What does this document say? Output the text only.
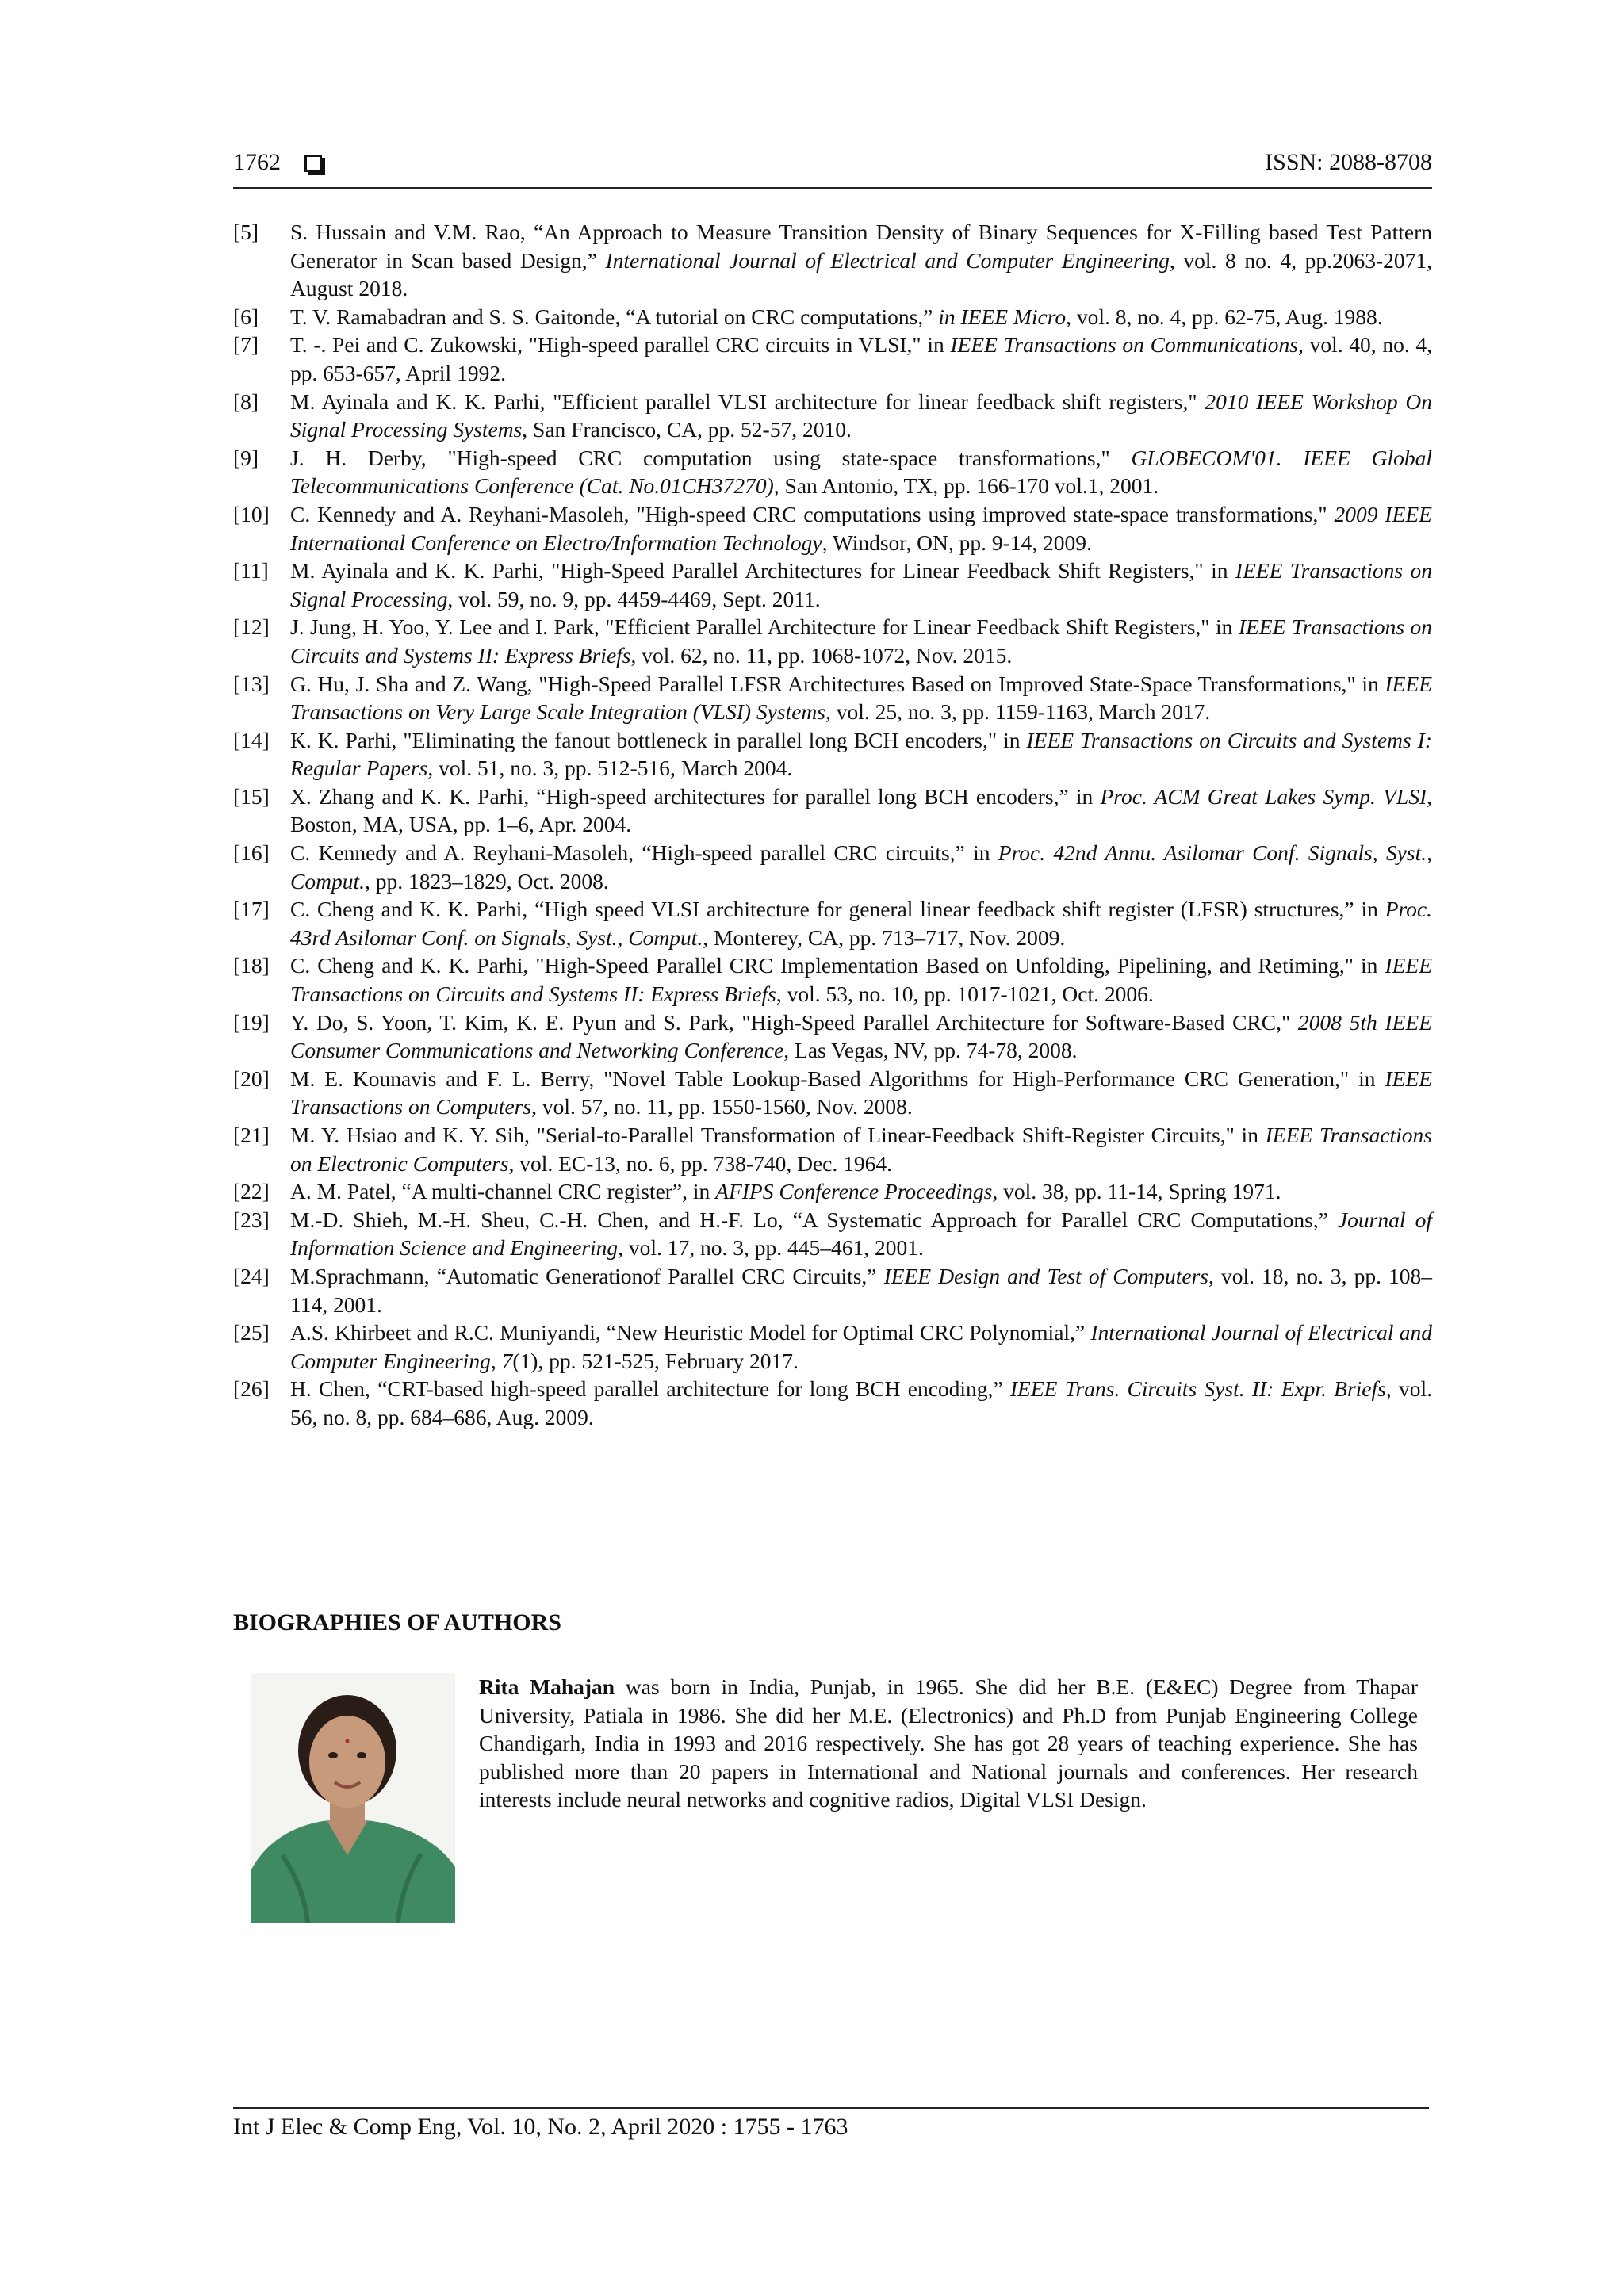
1762	ISSN: 2088-8708
[5]	S. Hussain and V.M. Rao, “An Approach to Measure Transition Density of Binary Sequences for X-Filling based Test Pattern Generator in Scan based Design,” International Journal of Electrical and Computer Engineering, vol. 8 no. 4, pp.2063-2071, August 2018.
[6]	T. V. Ramabadran and S. S. Gaitonde, “A tutorial on CRC computations,” in IEEE Micro, vol. 8, no. 4, pp. 62-75, Aug. 1988.
[7]	T. -. Pei and C. Zukowski, "High-speed parallel CRC circuits in VLSI," in IEEE Transactions on Communications, vol. 40, no. 4, pp. 653-657, April 1992.
[8]	M. Ayinala and K. K. Parhi, "Efficient parallel VLSI architecture for linear feedback shift registers," 2010 IEEE Workshop On Signal Processing Systems, San Francisco, CA, pp. 52-57, 2010.
[9]	J. H. Derby, "High-speed CRC computation using state-space transformations," GLOBECOM'01. IEEE Global Telecommunications Conference (Cat. No.01CH37270), San Antonio, TX, pp. 166-170 vol.1, 2001.
[10] C. Kennedy and A. Reyhani-Masoleh, "High-speed CRC computations using improved state-space transformations," 2009 IEEE International Conference on Electro/Information Technology, Windsor, ON, pp. 9-14, 2009.
[11] M. Ayinala and K. K. Parhi, "High-Speed Parallel Architectures for Linear Feedback Shift Registers," in IEEE Transactions on Signal Processing, vol. 59, no. 9, pp. 4459-4469, Sept. 2011.
[12] J. Jung, H. Yoo, Y. Lee and I. Park, "Efficient Parallel Architecture for Linear Feedback Shift Registers," in IEEE Transactions on Circuits and Systems II: Express Briefs, vol. 62, no. 11, pp. 1068-1072, Nov. 2015.
[13] G. Hu, J. Sha and Z. Wang, "High-Speed Parallel LFSR Architectures Based on Improved State-Space Transformations," in IEEE Transactions on Very Large Scale Integration (VLSI) Systems, vol. 25, no. 3, pp. 1159-1163, March 2017.
[14] K. K. Parhi, "Eliminating the fanout bottleneck in parallel long BCH encoders," in IEEE Transactions on Circuits and Systems I: Regular Papers, vol. 51, no. 3, pp. 512-516, March 2004.
[15] X. Zhang and K. K. Parhi, “High-speed architectures for parallel long BCH encoders,” in Proc. ACM Great Lakes Symp. VLSI, Boston, MA, USA, pp. 1–6, Apr. 2004.
[16] C. Kennedy and A. Reyhani-Masoleh, “High-speed parallel CRC circuits,” in Proc. 42nd Annu. Asilomar Conf. Signals, Syst., Comput., pp. 1823–1829, Oct. 2008.
[17] C. Cheng and K. K. Parhi, “High speed VLSI architecture for general linear feedback shift register (LFSR) structures,” in Proc. 43rd Asilomar Conf. on Signals, Syst., Comput., Monterey, CA, pp. 713–717, Nov. 2009.
[18] C. Cheng and K. K. Parhi, "High-Speed Parallel CRC Implementation Based on Unfolding, Pipelining, and Retiming," in IEEE Transactions on Circuits and Systems II: Express Briefs, vol. 53, no. 10, pp. 1017-1021, Oct. 2006.
[19] Y. Do, S. Yoon, T. Kim, K. E. Pyun and S. Park, "High-Speed Parallel Architecture for Software-Based CRC," 2008 5th IEEE Consumer Communications and Networking Conference, Las Vegas, NV, pp. 74-78, 2008.
[20] M. E. Kounavis and F. L. Berry, "Novel Table Lookup-Based Algorithms for High-Performance CRC Generation," in IEEE Transactions on Computers, vol. 57, no. 11, pp. 1550-1560, Nov. 2008.
[21] M. Y. Hsiao and K. Y. Sih, "Serial-to-Parallel Transformation of Linear-Feedback Shift-Register Circuits," in IEEE Transactions on Electronic Computers, vol. EC-13, no. 6, pp. 738-740, Dec. 1964.
[22] A. M. Patel, “A multi-channel CRC register”, in AFIPS Conference Proceedings, vol. 38, pp. 11-14, Spring 1971.
[23] M.-D. Shieh, M.-H. Sheu, C.-H. Chen, and H.-F. Lo, “A Systematic Approach for Parallel CRC Computations,” Journal of Information Science and Engineering, vol. 17, no. 3, pp. 445–461, 2001.
[24] M.Sprachmann, “Automatic Generationof Parallel CRC Circuits,” IEEE Design and Test of Computers, vol. 18, no. 3, pp. 108–114, 2001.
[25] A.S. Khirbeet and R.C. Muniyandi, “New Heuristic Model for Optimal CRC Polynomial,” International Journal of Electrical and Computer Engineering, 7(1), pp. 521-525, February 2017.
[26] H. Chen, “CRT-based high-speed parallel architecture for long BCH encoding,” IEEE Trans. Circuits Syst. II: Expr. Briefs, vol. 56, no. 8, pp. 684–686, Aug. 2009.
BIOGRAPHIES OF AUTHORS
Rita Mahajan was born in India, Punjab, in 1965. She did her B.E. (E&EC) Degree from Thapar University, Patiala in 1986. She did her M.E. (Electronics) and Ph.D from Punjab Engineering College Chandigarh, India in 1993 and 2016 respectively. She has got 28 years of teaching experience. She has published more than 20 papers in International and National journals and conferences. Her research interests include neural networks and cognitive radios, Digital VLSI Design.
Int J Elec & Comp Eng, Vol. 10, No. 2, April 2020 : 1755 - 1763
